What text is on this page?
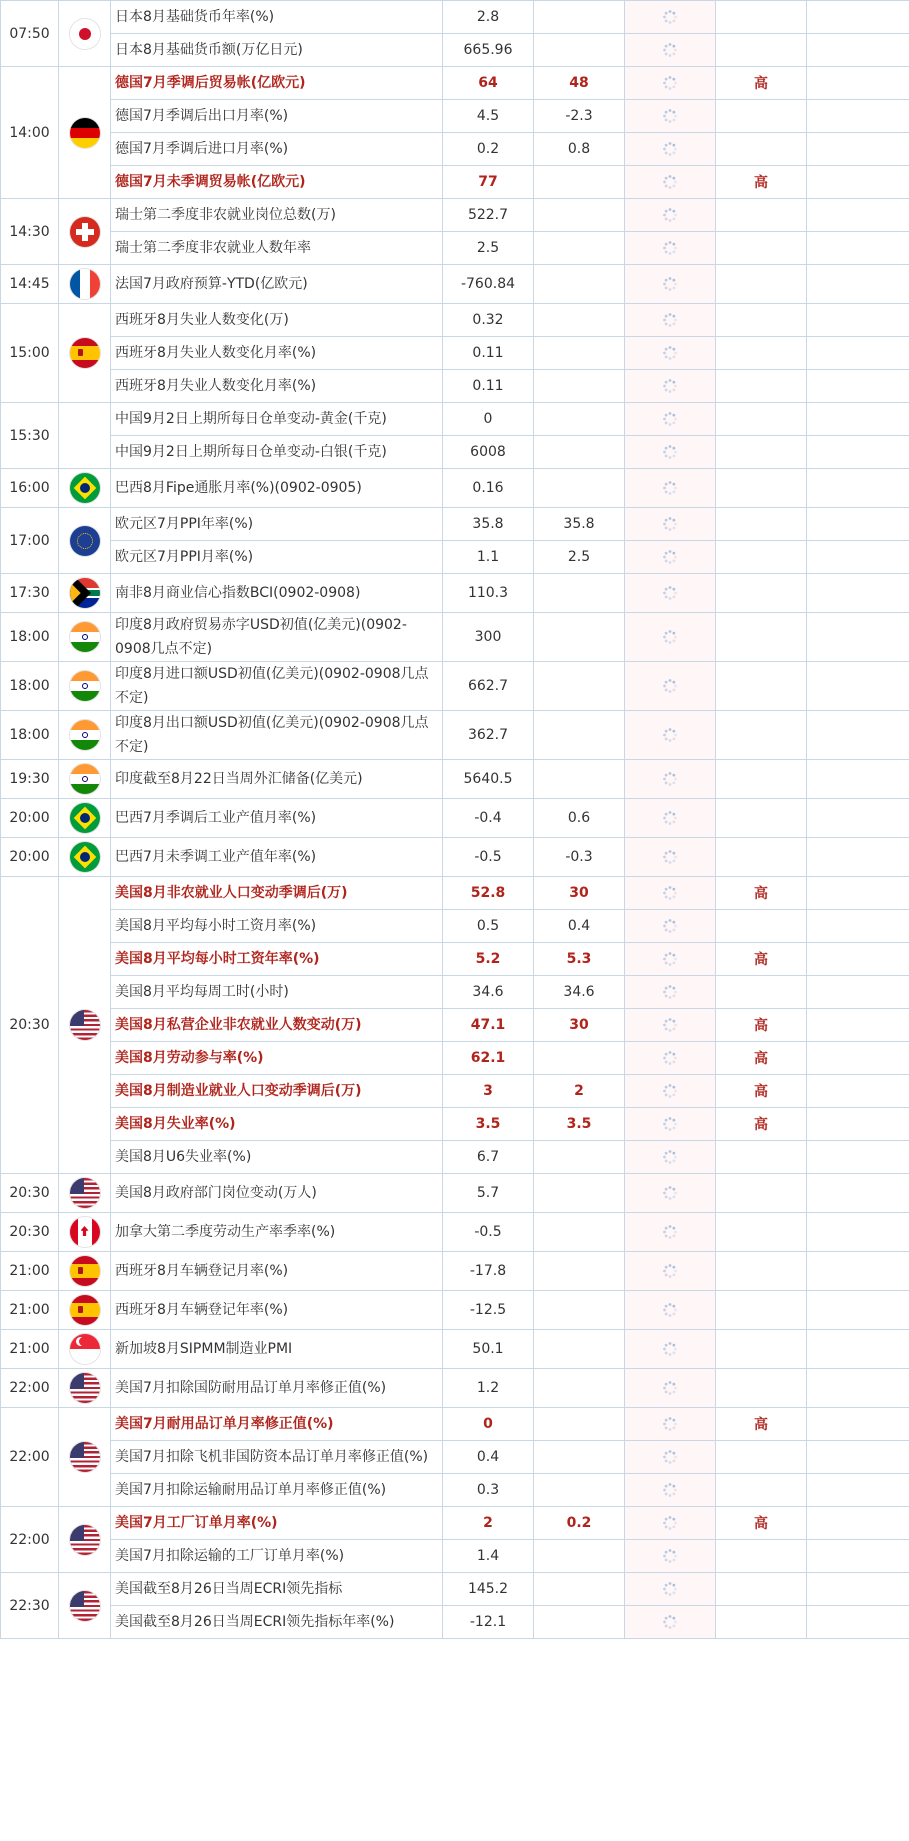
07:50		日本8月基础货币年率(%)	2.8				
		日本8月基础货币额(万亿日元)	665.96				
14:00		德国7月季调后贸易帐(亿欧元)	64	48		高	
		德国7月季调后出口月率(%)	4.5	-2.3			
		德国7月季调后进口月率(%)	0.2	0.8			
		德国7月未季调贸易帐(亿欧元)	77			高	
14:30		瑞士第二季度非农就业岗位总数(万)	522.7				
		瑞士第二季度非农就业人数年率	2.5				
14:45		法国7月政府预算-YTD(亿欧元)	-760.84				
15:00		西班牙8月失业人数变化(万)	0.32				
		西班牙8月失业人数变化月率(%)	0.11				
		西班牙8月失业人数变化月率(%)	0.11				
15:30		中国9月2日上期所每日仓单变动-黄金(千克)	0				
		中国9月2日上期所每日仓单变动-白银(千克)	6008				
16:00		巴西8月Fipe通胀月率(%)(0902-0905)	0.16				
17:00		欧元区7月PPI年率(%)	35.8	35.8			
		欧元区7月PPI月率(%)	1.1	2.5			
17:30		南非8月商业信心指数BCI(0902-0908)	110.3				
18:00		印度8月政府贸易赤字USD初值(亿美元)(0902-0908几点不定)	300				
18:00		印度8月进口额USD初值(亿美元)(0902-0908几点不定)	662.7				
18:00		印度8月出口额USD初值(亿美元)(0902-0908几点不定)	362.7				
19:30		印度截至8月22日当周外汇储备(亿美元)	5640.5				
20:00		巴西7月季调后工业产值月率(%)	-0.4	0.6			
20:00		巴西7月未季调工业产值年率(%)	-0.5	-0.3			
20:30		美国8月非农就业人口变动季调后(万)	52.8	30		高	
		美国8月平均每小时工资月率(%)	0.5	0.4			
		美国8月平均每小时工资年率(%)	5.2	5.3		高	
		美国8月平均每周工时(小时)	34.6	34.6			
		美国8月私营企业非农就业人数变动(万)	47.1	30		高	
		美国8月劳动参与率(%)	62.1			高	
		美国8月制造业就业人口变动季调后(万)	3	2		高	
		美国8月失业率(%)	3.5	3.5		高	
		美国8月U6失业率(%)	6.7				
20:30		美国8月政府部门岗位变动(万人)	5.7				
20:30		加拿大第二季度劳动生产率季率(%)	-0.5				
21:00		西班牙8月车辆登记月率(%)	-17.8				
21:00		西班牙8月车辆登记年率(%)	-12.5				
21:00		新加坡8月SIPMM制造业PMI	50.1				
22:00		美国7月扣除国防耐用品订单月率修正值(%)	1.2				
22:00		美国7月耐用品订单月率修正值(%)	0			高	
		美国7月扣除飞机非国防资本品订单月率修正值(%)	0.4				
		美国7月扣除运输耐用品订单月率修正值(%)	0.3				
22:00		美国7月工厂订单月率(%)	2	0.2		高	
		美国7月扣除运输的工厂订单月率(%)	1.4				
22:30		美国截至8月26日当周ECRI领先指标	145.2				
		美国截至8月26日当周ECRI领先指标年率(%)	-12.1				
